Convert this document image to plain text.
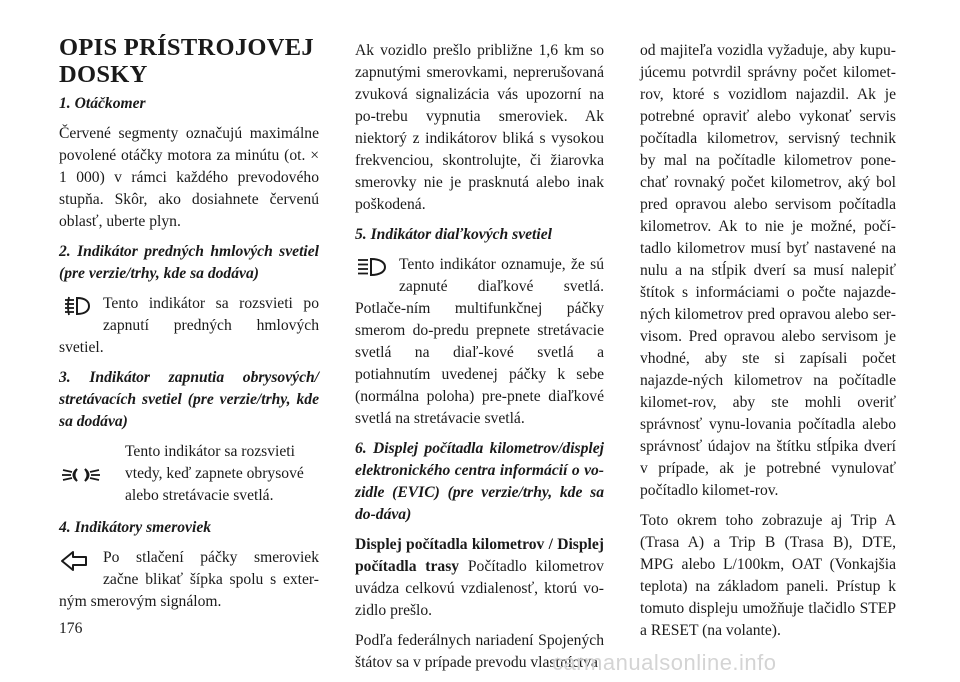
OPIS PRÍSTROJOVEJ DOSKY
1. Otáčkomer

Červené segmenty označujú maximálne povolené otáčky motora za minútu (ot. × 1 000) v rámci každého prevodového stupňa. Skôr, ako dosiahnete červenú oblasť, uberte plyn.

2. Indikátor predných hmlových svetiel (pre verzie/trhy, kde sa dodáva)

Tento indikátor sa rozsvieti po zapnutí predných hmlových svetiel.

3. Indikátor zapnutia obrysových/ stretávacích svetiel (pre verzie/trhy, kde sa dodáva)
Tento indikátor sa rozsvieti vtedy, keď zapnete obrysové alebo stretávacie svetlá.
4. Indikátory smeroviek

Po stlačení páčky smeroviek začne blikať šípka spolu s exter-ným smerovým signálom.

Ak vozidlo prešlo približne 1,6 km so zapnutými smerovkami, neprerušovaná zvuková signalizácia vás upozorní na po-trebu vypnutia smeroviek. Ak niektorý z indikátorov bliká s vysokou frekvenciou, skontrolujte, či žiarovka smerovky nie je prasknutá alebo inak poškodená.

5. Indikátor diaľkových svetiel

Tento indikátor oznamuje, že sú zapnuté diaľkové svetlá. Potlače-ním multifunkčnej páčky smerom do-predu prepnete stretávacie svetlá na diaľ-kové svetlá a potiahnutím uvedenej páčky k sebe (normálna poloha) pre-pnete diaľkové svetlá na stretávacie svetlá.

6. Displej počítadla kilometrov/displej elektronického centra informácií o vo-zidle (EVIC) (pre verzie/trhy, kde sa do-dáva)

Displej počítadla kilometrov / Displej počítadla trasy Počítadlo kilometrov uvádza celkovú vzdialenosť, ktorú vo-zidlo prešlo.

Podľa federálnych nariadení Spojených štátov sa v prípade prevodu vlastníctva

od majiteľa vozidla vyžaduje, aby kupu-júcemu potvrdil správny počet kilomet-rov, ktoré s vozidlom najazdil. Ak je potrebné opraviť alebo vykonať servis počítadla kilometrov, servisný technik by mal na počítadle kilometrov pone-chať rovnaký počet kilometrov, aký bol pred opravou alebo servisom počítadla kilometrov. Ak to nie je možné, počí-tadlo kilometrov musí byť nastavené na nulu a na stĺpik dverí sa musí nalepiť štítok s informáciami o počte najazde-ných kilometrov pred opravou alebo ser-visom. Pred opravou alebo servisom je vhodné, aby ste si zapísali počet najazde-ných kilometrov na počítadle kilomet-rov, aby ste mohli overiť správnosť vynu-lovania počítadla alebo správnosť údajov na štítku stĺpika dverí v prípade, ak je potrebné vynulovať počítadlo kilomet-rov.

Toto okrem toho zobrazuje aj Trip A (Trasa A) a Trip B (Trasa B), DTE, MPG alebo L/100km, OAT (Vonkajšia teplota) na základom paneli. Prístup k tomuto displeju umožňuje tlačidlo STEP a RESET (na volante).

176
carmanualsonline.info
